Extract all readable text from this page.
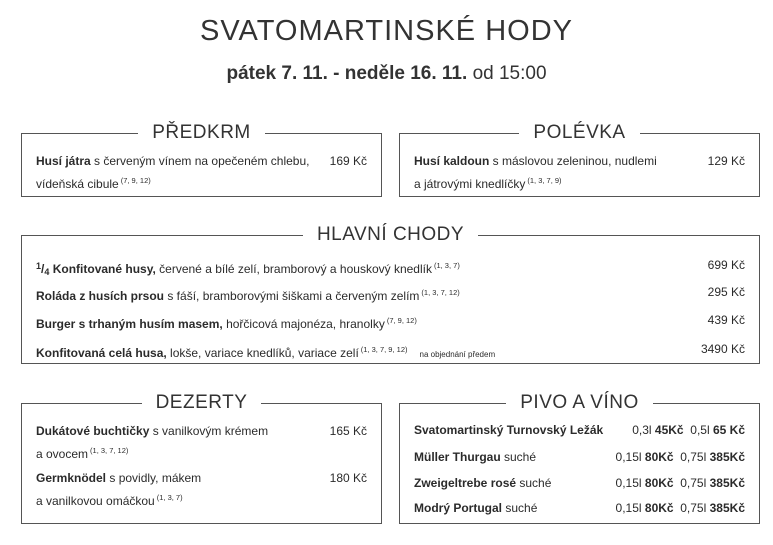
SVATOMARTINSKÉ HODY
pátek 7. 11. - neděle 16. 11. od 15:00
PŘEDKRM
Husí játra s červeným vínem na opečeném chlebu,
vídeňská cibule $^{(7, 9, 12)}$
169 Kč
POLÉVKA
Husí kaldoun s máslovou zeleninou, nudlemi
a játrovými knedlíčky $^{(1, 3, 7, 9)}$
129 Kč
HLAVNÍ CHODY
$^1/_4$ Konfitované husy, červené a bílé zelí, bramborový a houskový knedlík $^{(1, 3, 7)}$	699 Kč
Roláda z husích prsou s fáší, bramborovými šiškami a červeným zelím $^{(1, 3, 7, 12)}$	295 Kč
Burger s trhaným husím masem, hořčicová majonéza, hranolky $^{(7, 9, 12)}$	439 Kč
Konfitovaná celá husa, lokše, variace knedlíků, variace zelí $^{(1, 3, 7, 9, 12)}$na objednání předem	3490 Kč
DEZERTY
Dukátové buchtičky s vanilkovým krémem
a ovocem $^{(1, 3, 7, 12)}$
165 Kč
Germknödel s povidly, mákem
a vanilkovou omáčkou $^{(1, 3, 7)}$
180 Kč
PIVO A VÍNO
Svatomartinský Turnovský Ležák 0,3l 45Kč 0,5l 65 Kč
Müller Thurgau suché	0,15l 80Kč 0,75l 385Kč
Zweigeltrebe rosé suché	0,15l 80Kč 0,75l 385Kč
Modrý Portugal suché	0,15l 80Kč 0,75l 385Kč
